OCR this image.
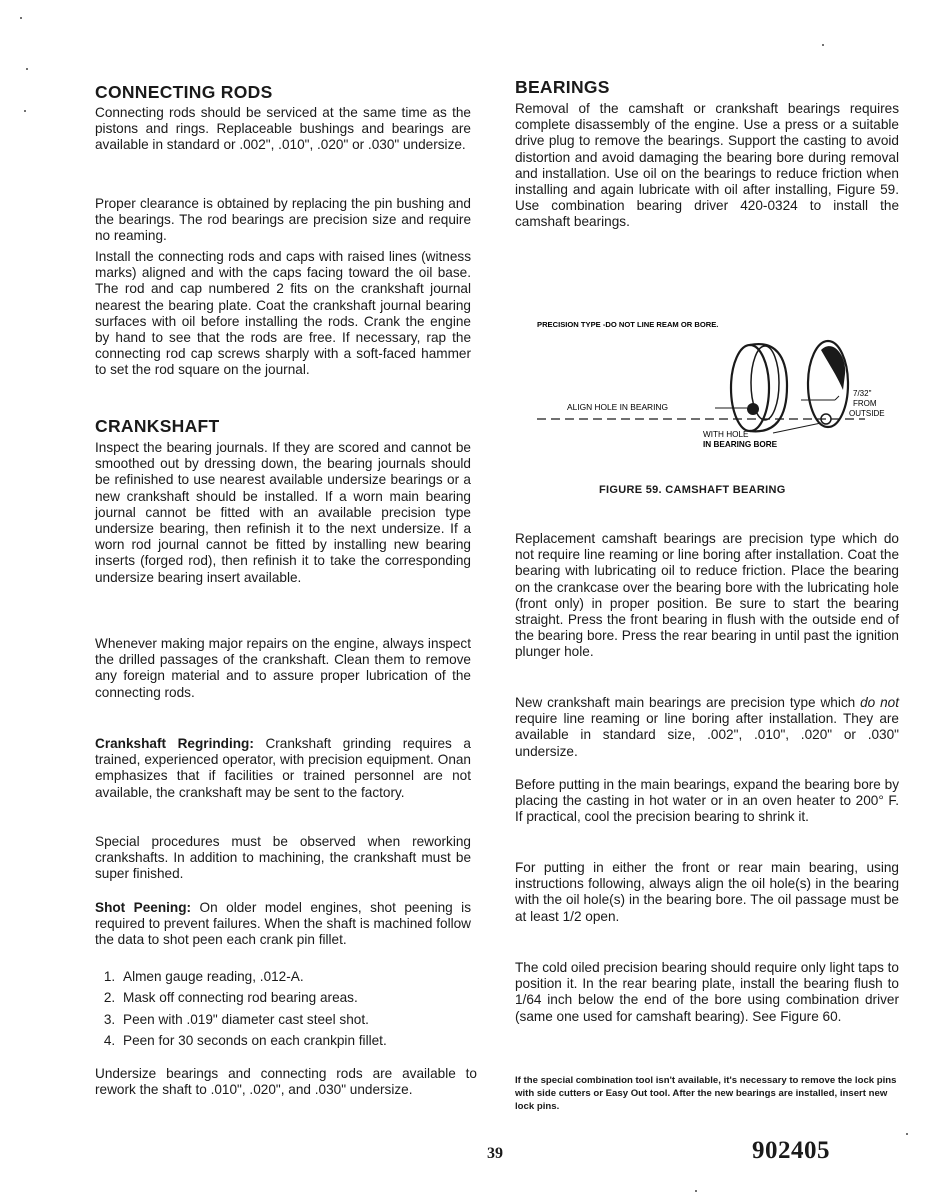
CONNECTING RODS

Connecting rods should be serviced at the same time as the pistons and rings. Replaceable bushings and bearings are available in standard or .002", .010", .020" or .030" undersize.

Proper clearance is obtained by replacing the pin bushing and the bearings. The rod bearings are precision size and require no reaming.

Install the connecting rods and caps with raised lines (witness marks) aligned and with the caps facing toward the oil base. The rod and cap numbered 2 fits on the crankshaft journal nearest the bearing plate. Coat the crankshaft journal bearing surfaces with oil before installing the rods. Crank the engine by hand to see that the rods are free. If necessary, rap the connecting rod cap screws sharply with a soft-faced hammer to set the rod square on the journal.

CRANKSHAFT

Inspect the bearing journals. If they are scored and cannot be smoothed out by dressing down, the bearing journals should be refinished to use nearest available undersize bearings or a new crankshaft should be installed. If a worn main bearing journal cannot be fitted with an available precision type undersize bearing, then refinish it to the next undersize. If a worn rod journal cannot be fitted by installing new bearing inserts (forged rod), then refinish it to take the corresponding undersize bearing insert available.

Whenever making major repairs on the engine, always inspect the drilled passages of the crankshaft. Clean them to remove any foreign material and to assure proper lubrication of the connecting rods.

Crankshaft Regrinding: Crankshaft grinding requires a trained, experienced operator, with precision equipment. Onan emphasizes that if facilities or trained personnel are not available, the crankshaft may be sent to the factory.

Special procedures must be observed when reworking crankshafts. In addition to machining, the crankshaft must be super finished.

Shot Peening: On older model engines, shot peening is required to prevent failures. When the shaft is machined follow the data to shot peen each crank pin fillet.

1. Almen gauge reading, .012-A.
2. Mask off connecting rod bearing areas.
3. Peen with .019" diameter cast steel shot.
4. Peen for 30 seconds on each crankpin fillet.

Undersize bearings and connecting rods are available to rework the shaft to .010", .020", and .030" undersize.

BEARINGS

Removal of the camshaft or crankshaft bearings requires complete disassembly of the engine. Use a press or a suitable drive plug to remove the bearings. Support the casting to avoid distortion and avoid damaging the bearing bore during removal and installation. Use oil on the bearings to reduce friction when installing and again lubricate with oil after installing, Figure 59. Use combination bearing driver 420-0324 to install the camshaft bearings.

PRECISION TYPE -DO NOT LINE REAM OR BORE.
ALIGN HOLE IN BEARING
WITH HOLE
IN BEARING BORE
7/32"
FROM
OUTSIDE

FIGURE 59. CAMSHAFT BEARING

Replacement camshaft bearings are precision type which do not require line reaming or line boring after installation. Coat the bearing with lubricating oil to reduce friction. Place the bearing on the crankcase over the bearing bore with the lubricating hole (front only) in proper position. Be sure to start the bearing straight. Press the front bearing in flush with the outside end of the bearing bore. Press the rear bearing in until past the ignition plunger hole.

New crankshaft main bearings are precision type which do not require line reaming or line boring after installation. They are available in standard size, .002", .010", .020" or .030" undersize.

Before putting in the main bearings, expand the bearing bore by placing the casting in hot water or in an oven heater to 200° F. If practical, cool the precision bearing to shrink it.

For putting in either the front or rear main bearing, using instructions following, always align the oil hole(s) in the bearing with the oil hole(s) in the bearing bore. The oil passage must be at least 1/2 open.

The cold oiled precision bearing should require only light taps to position it. In the rear bearing plate, install the bearing flush to 1/64 inch below the end of the bore using combination driver (same one used for camshaft bearing). See Figure 60.

If the special combination tool isn't available, it's necessary to remove the lock pins with side cutters or Easy Out tool. After the new bearings are installed, insert new lock pins.

39	902405
